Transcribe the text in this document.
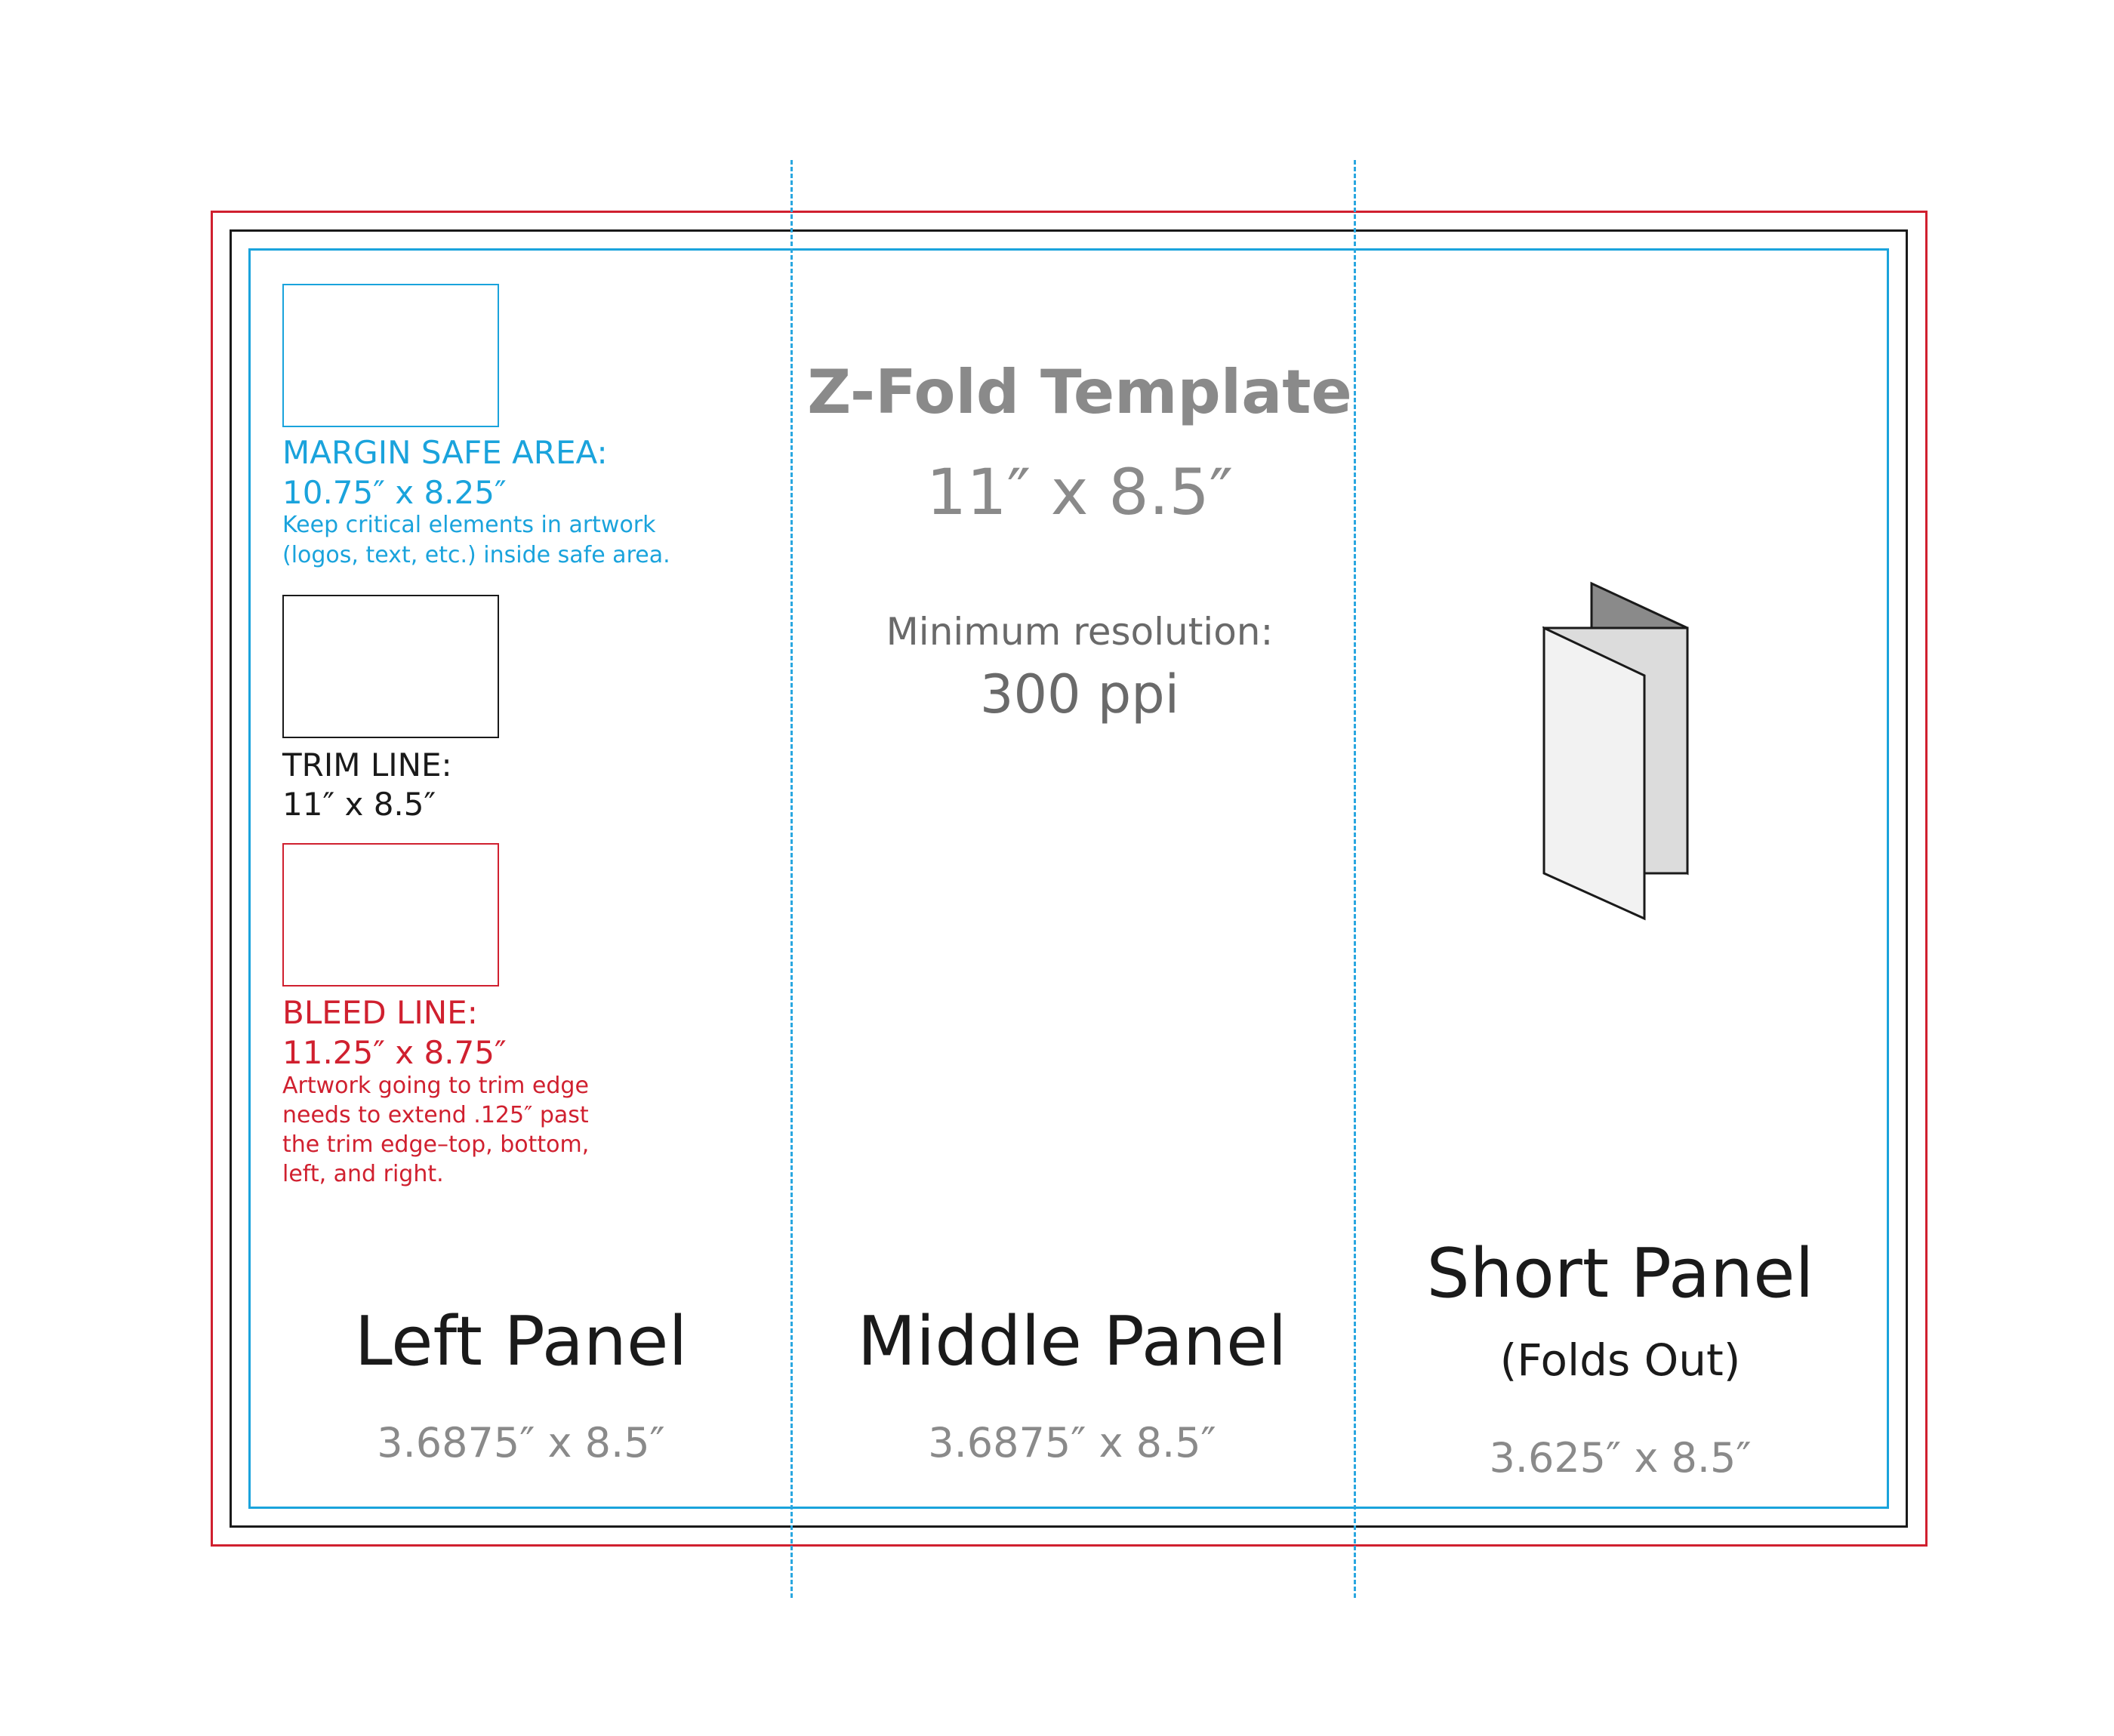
MARGIN SAFE AREA:
10.75″ x 8.25″
Keep critical elements in artwork
(logos, text, etc.) inside safe area.
TRIM LINE:
11″ x 8.5″
BLEED LINE:
11.25″ x 8.75″
Artwork going to trim edge
needs to extend .125″ past
the trim edge–top, bottom,
left, and right.
Z-Fold Template
11″ x 8.5″
Minimum resolution:
300 ppi
Left Panel
3.6875″ x 8.5″
Middle Panel
3.6875″ x 8.5″
Short Panel
(Folds Out)
3.625″ x 8.5″
